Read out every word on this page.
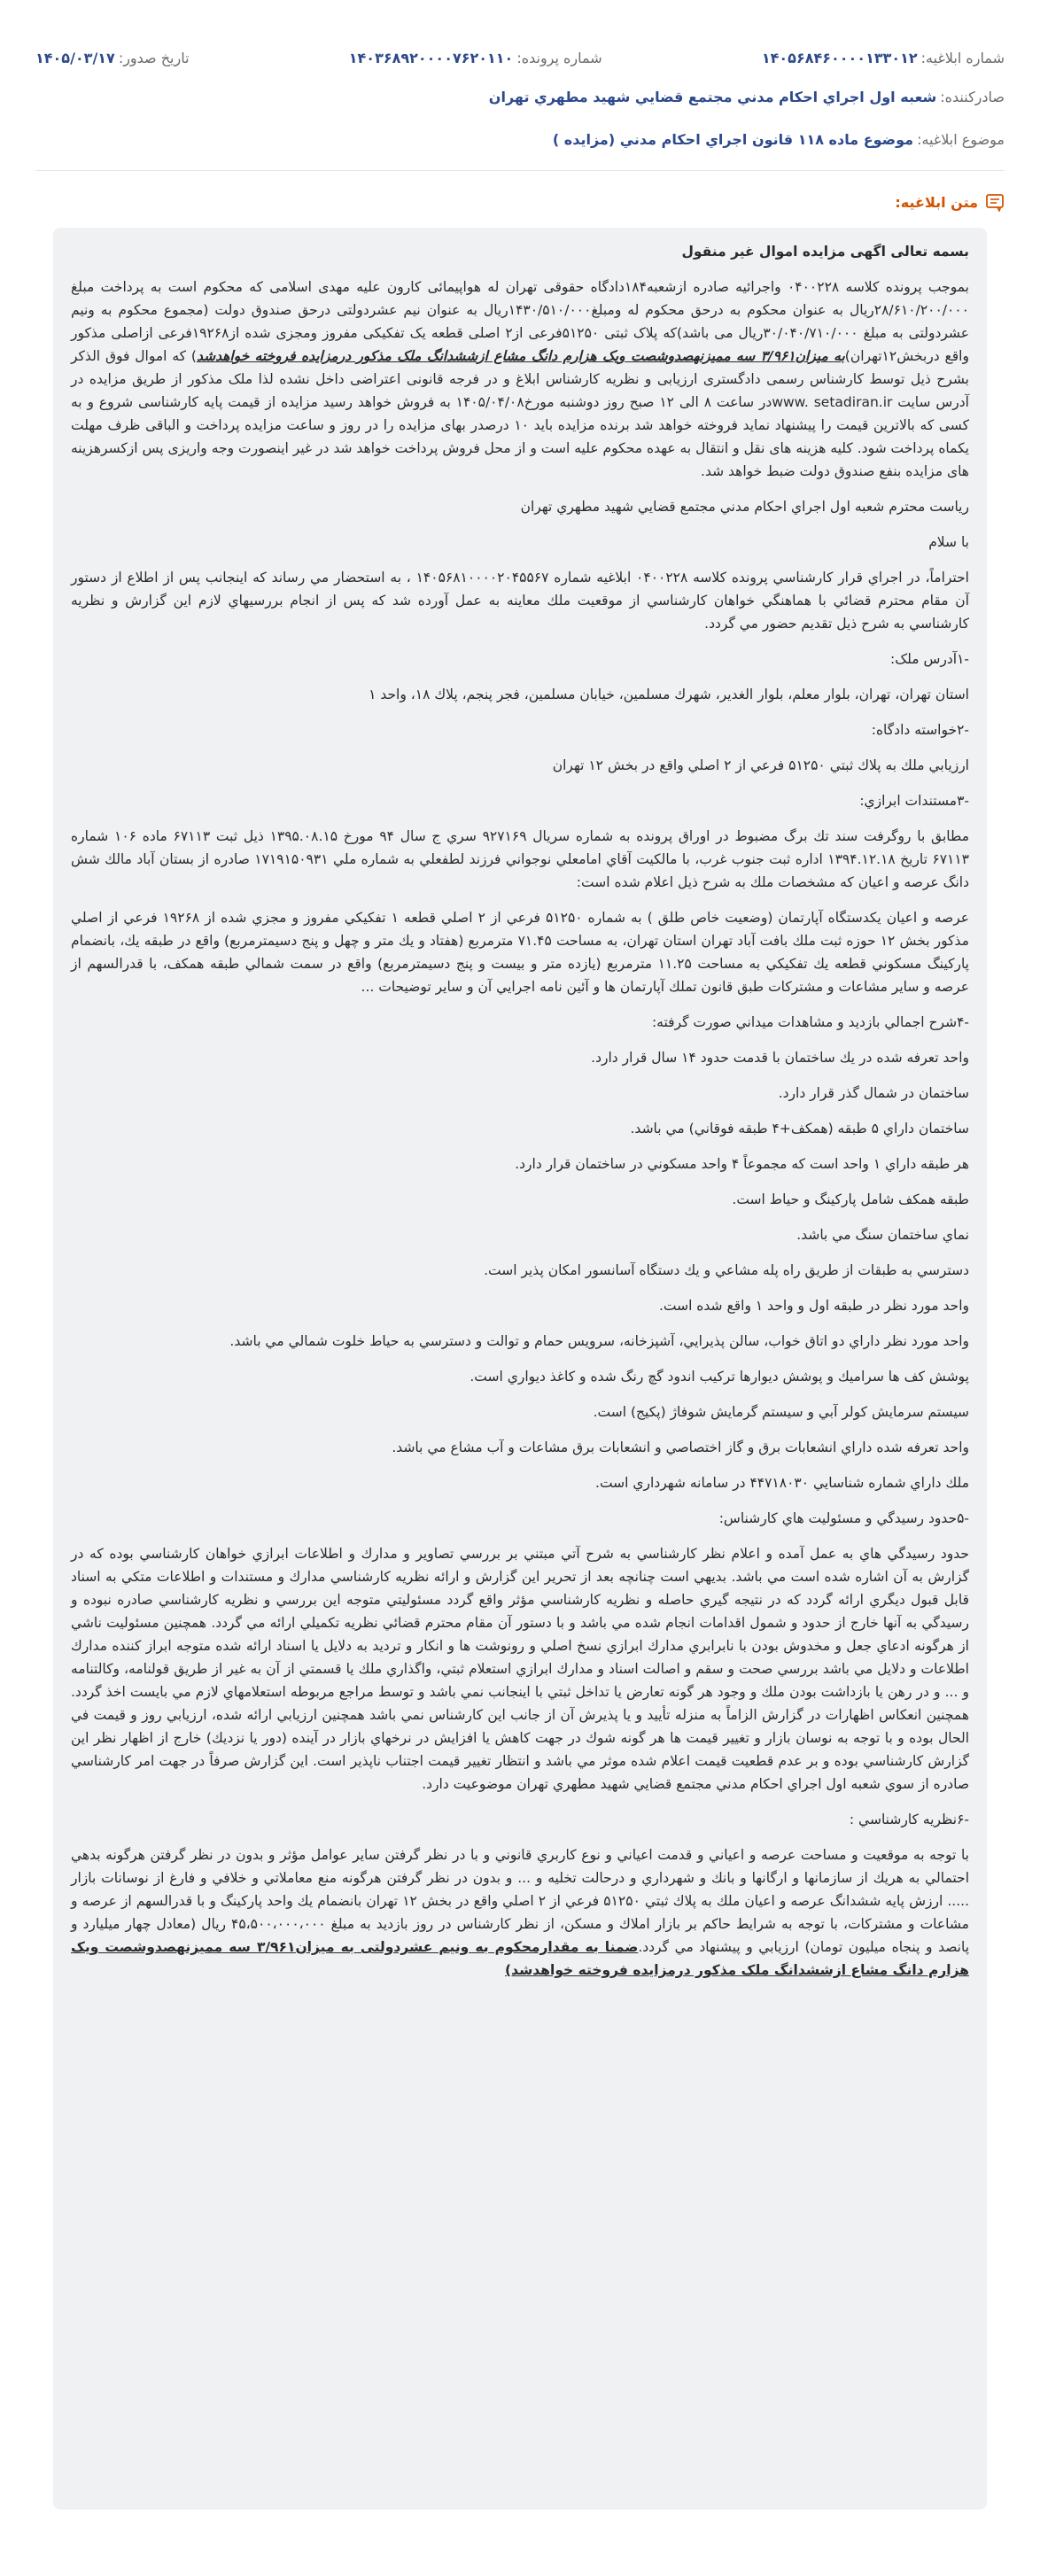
شماره ابلاغيه:۱۴۰۵۶۸۴۶۰۰۰۰۱۳۳۰۱۲
شماره پرونده:۱۴۰۳۶۸۹۲۰۰۰۰۷۶۲۰۱۱۰
تاريخ صدور:۱۴۰۵/۰۳/۱۷
صادرکننده:شعبه اول اجراي احكام مدني مجتمع قضايي شهيد مطهري تهران
موضوع ابلاغيه:موضوع ماده ۱۱۸ قانون اجراي احکام مدني (مزايده )
متن ابلاغيه:

بسمه تعالی اگهی مزایده اموال غیر منقول

بموجب پرونده کلاسه ۰۴۰۰۲۲۸ واجرائیه صادره ازشعبه۱۸۴دادگاه حقوقی تهران له هواپیمائی کارون علیه مهدی اسلامی که محکوم است به پرداخت مبلغ ۲۸/۶۱۰/۲۰۰/۰۰۰ریال به عنوان محکوم به درحق محکوم له ومبلغ۱۴۳۰/۵۱۰/۰۰۰ریال به عنوان نیم عشردولتی درحق صندوق دولت (مجموع محکوم به ونیم عشردولتی به مبلغ ۳۰/۰۴۰/۷۱۰/۰۰۰ریال می باشد)که پلاک ثبتی ۵۱۲۵۰فرعی از۲ اصلی قطعه یک تفکیکی مفروز ومجزی شده از۱۹۲۶۸فرعی ازاصلی مذکور واقع دربخش۱۲تهران)به میزان۳/۹۶۱ سه ممیزنهصدوشصت ویک هزارم دانگ مشاع ازششدانگ ملک مذکور درمزایده فروخته خواهدشد) که اموال فوق الذکر بشرح ذیل توسط کارشناس رسمی دادگستری ارزیابی و نظریه کارشناس ابلاغ و در فرجه قانونی اعتراضی داخل نشده لذا ملک مذکور از طریق مزایده در آدرس سایت www. setadiran.irدر ساعت ۸ الی ۱۲ صبح روز دوشنبه مورخ۱۴۰۵/۰۴/۰۸ به فروش خواهد رسید مزایده از قیمت پایه کارشناسی شروع و به کسی که بالاترین قیمت را پیشنهاد نماید فروخته خواهد شد برنده مزایده باید ۱۰ درصدر بهای مزایده را در روز و ساعت مزایده پرداخت و الباقی ظرف مهلت یکماه پرداخت شود. کلیه هزینه های نقل و انتقال به عهده محکوم علیه است و از محل فروش پرداخت خواهد شد در غیر اینصورت وجه واریزی پس ازکسرهزینه های مزایده بنفع صندوق دولت ضبط خواهد شد.

رياست محترم شعبه اول اجراي احكام مدني مجتمع قضايي شهيد مطهري تهران

با سلام

احتراماً، در اجراي قرار كارشناسي پرونده كلاسه ۰۴۰۰۲۲۸ ابلاغيه شماره ۱۴۰۵۶۸۱۰۰۰۰۲۰۴۵۵۶۷ ، به استحضار مي رساند كه اينجانب پس از اطلاع از دستور آن مقام محترم قضائي با هماهنگي خواهان كارشناسي از موقعيت ملك معاينه به عمل آورده شد كه پس از انجام بررسيهاي لازم اين گزارش و نظريه كارشناسي به شرح ذيل تقديم حضور مي گردد.

-۱آدرس ملک:

استان تهران، تهران، بلوار معلم، بلوار الغدير، شهرك مسلمين، خيابان مسلمين، فجر پنجم، پلاك ۱۸، واحد ۱

-۲خواسته دادگاه:

ارزيابي ملك به پلاك ثبتي ۵۱۲۵۰ فرعي از ۲ اصلي واقع در بخش ۱۲ تهران

-۳مستندات ابرازي:

مطابق با روگرفت سند تك برگ مضبوط در اوراق پرونده به شماره سريال ۹۲۷۱۶۹ سري ج سال ۹۴ مورخ ۱۳۹۵.۰۸.۱۵ ذيل ثبت ۶۷۱۱۳ ماده ۱۰۶ شماره ۶۷۱۱۳ تاريخ ۱۳۹۴.۱۲.۱۸ اداره ثبت جنوب غرب، با مالكيت آقاي امامعلي نوجواني فرزند لطفعلي به شماره ملي ۱۷۱۹۱۵۰۹۳۱ صادره از بستان آباد مالك شش دانگ عرصه و اعيان كه مشخصات ملك به شرح ذيل اعلام شده است:

عرصه و اعيان يكدستگاه آپارتمان (وضعيت خاص طلق ) به شماره ۵۱۲۵۰ فرعي از ۲ اصلي قطعه ۱ تفكيكي مفروز و مجزي شده از ۱۹۲۶۸ فرعي از اصلي مذكور بخش ۱۲ حوزه ثبت ملك بافت آباد تهران استان تهران، به مساحت ۷۱.۴۵ مترمربع (هفتاد و يك متر و چهل و پنج دسيمترمربع) واقع در طبقه يك، بانضمام پاركينگ مسكوني قطعه يك تفكيكي به مساحت ۱۱.۲۵ مترمربع (يازده متر و بيست و پنج دسيمترمربع) واقع در سمت شمالي طبقه همكف، با قدرالسهم از عرصه و ساير مشاعات و مشتركات طبق قانون تملك آپارتمان ها و آئين نامه اجرايي آن و ساير توضيحات ...

-۴شرح اجمالي بازديد و مشاهدات ميداني صورت گرفته:

واحد تعرفه شده در يك ساختمان با قدمت حدود ۱۴ سال قرار دارد.

ساختمان در شمال گذر قرار دارد.

ساختمان داراي ۵ طبقه (همكف+۴ طبقه فوقاني) مي باشد.

هر طبقه داراي ۱ واحد است كه مجموعاً ۴ واحد مسكوني در ساختمان قرار دارد.

طبقه همكف شامل پاركينگ و حياط است.

نماي ساختمان سنگ مي باشد.

دسترسي به طبقات از طريق راه پله مشاعي و يك دستگاه آسانسور امكان پذير است.

واحد مورد نظر در طبقه اول و واحد ۱ واقع شده است.

واحد مورد نظر داراي دو اتاق خواب، سالن پذيرايي، آشپزخانه، سرويس حمام و توالت و دسترسي به حياط خلوت شمالي مي باشد.

پوشش كف ها سراميك و پوشش ديوارها تركيب اندود گچ رنگ شده و كاغذ ديواري است.

سيستم سرمايش كولر آبي و سيستم گرمايش شوفاژ (پكيج) است.

واحد تعرفه شده داراي انشعابات برق و گاز اختصاصي و انشعابات برق مشاعات و آب مشاع مي باشد.

ملك داراي شماره شناسايي ۴۴۷۱۸۰۳۰ در سامانه شهرداري است.

-۵حدود رسيدگي و مسئوليت هاي كارشناس:

حدود رسيدگي هاي به عمل آمده و اعلام نظر كارشناسي به شرح آتي مبتني بر بررسي تصاوير و مدارك و اطلاعات ابرازي خواهان كارشناسي بوده كه در گزارش به آن اشاره شده است مي باشد. بديهي است چنانچه بعد از تحرير اين گزارش و ارائه نظريه كارشناسي مدارك و مستندات و اطلاعات متكي به اسناد قابل قبول ديگري ارائه گردد كه در نتيجه گيري حاصله و نظريه كارشناسي مؤثر واقع گردد مسئوليتي متوجه اين بررسي و نظريه كارشناسي صادره نبوده و رسيدگي به آنها خارج از حدود و شمول اقدامات انجام شده مي باشد و با دستور آن مقام محترم قضائي نظريه تكميلي ارائه مي گردد. همچنين مسئوليت ناشي از هرگونه ادعاي جعل و مخدوش بودن با نابرابري مدارك ابرازي نسخ اصلي و رونوشت ها و انكار و ترديد به دلايل يا اسناد ارائه شده متوجه ابراز كننده مدارك اطلاعات و دلايل مي باشد بررسي صحت و سقم و اصالت اسناد و مدارك ابرازي استعلام ثبتي، واگذاري ملك يا قسمتي از آن به غير از طريق قولنامه، وكالتنامه و ... و در رهن يا بازداشت بودن ملك و وجود هر گونه تعارض يا تداخل ثبتي با اينجانب نمي باشد و توسط مراجع مربوطه استعلامهاي لازم مي بايست اخذ گردد. همچنين انعكاس اظهارات در گزارش الزاماً به منزله تأييد و يا پذيرش آن از جانب اين كارشناس نمي باشد همچنين ارزيابي ارائه شده، ارزيابي روز و قيمت في الحال بوده و با توجه به نوسان بازار و تغيير قيمت ها هر گونه شوك در جهت كاهش يا افزايش در نرخهاي بازار در آينده (دور يا نزديك) خارج از اظهار نظر اين گزارش كارشناسي بوده و بر عدم قطعيت قيمت اعلام شده موثر مي باشد و انتظار تغيير قيمت اجتناب ناپذير است. اين گزارش صرفاً در جهت امر كارشناسي صادره از سوي شعبه اول اجراي احكام مدني مجتمع قضايي شهيد مطهري تهران موضوعيت دارد.

-۶نظريه كارشناسي :

با توجه به موقعيت و مساحت عرصه و اعياني و قدمت اعياني و نوع كاربري قانوني و با در نظر گرفتن ساير عوامل مؤثر و بدون در نظر گرفتن هرگونه بدهي احتمالي به هريك از سازمانها و ارگانها و بانك و شهرداري و درحالت تخليه و ... و بدون در نظر گرفتن هرگونه منع معاملاتي و خلافي و فارغ از نوسانات بازار ..... ارزش پايه ششدانگ عرصه و اعيان ملك به پلاك ثبتي ۵۱۲۵۰ فرعي از ۲ اصلي واقع در بخش ۱۲ تهران بانضمام يك واحد پاركينگ و با قدرالسهم از عرصه و مشاعات و مشتركات، با توجه به شرايط حاكم بر بازار املاك و مسكن، از نظر كارشناس در روز بازديد به مبلغ ۴۵،۵۰۰،۰۰۰،۰۰۰ ريال (معادل چهار ميليارد و پانصد و پنجاه ميليون تومان) ارزيابي و پيشنهاد مي گردد.ضمنا به مقدارمحکوم به ونیم عشردولتی به میزان۳/۹۶۱ سه ممیزنهصدوشصت ویک هزارم دانگ مشاع ازششدانگ ملک مذکور درمزایده فروخته خواهدشد)
